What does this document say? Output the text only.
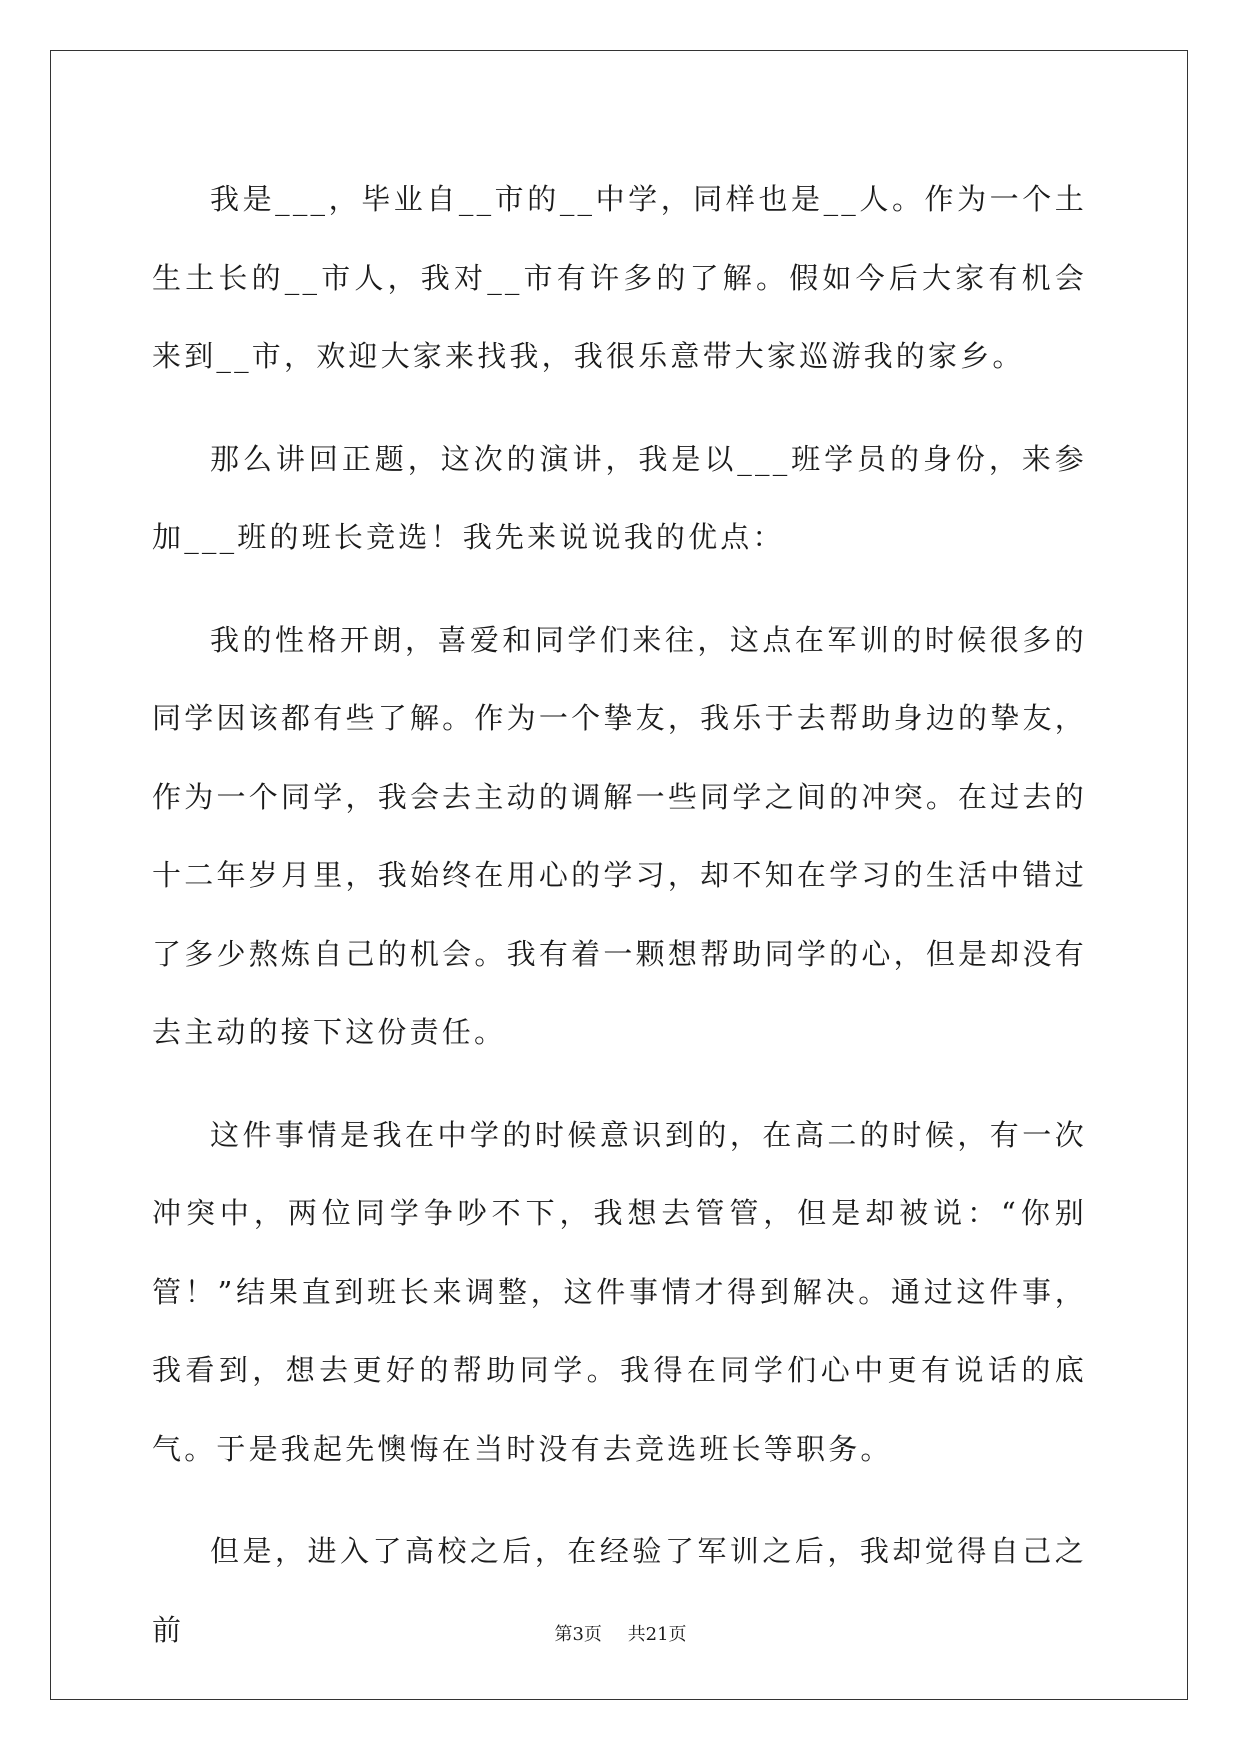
我是___，毕业自__市的__中学，同样也是__人。作为一个土生土长的__市人，我对__市有许多的了解。假如今后大家有机会来到__市，欢迎大家来找我，我很乐意带大家巡游我的家乡。

那么讲回正题，这次的演讲，我是以___班学员的身份，来参加___班的班长竞选！我先来说说我的优点：

我的性格开朗，喜爱和同学们来往，这点在军训的时候很多的同学因该都有些了解。作为一个挚友，我乐于去帮助身边的挚友，作为一个同学，我会去主动的调解一些同学之间的冲突。在过去的十二年岁月里，我始终在用心的学习，却不知在学习的生活中错过了多少熬炼自己的机会。我有着一颗想帮助同学的心，但是却没有去主动的接下这份责任。

这件事情是我在中学的时候意识到的，在高二的时候，有一次冲突中，两位同学争吵不下，我想去管管，但是却被说：“你别管！”结果直到班长来调整，这件事情才得到解决。通过这件事，我看到，想去更好的帮助同学。我得在同学们心中更有说话的底气。于是我起先懊悔在当时没有去竞选班长等职务。

但是，进入了高校之后，在经验了军训之后，我却觉得自己之前	第3页 共21页
